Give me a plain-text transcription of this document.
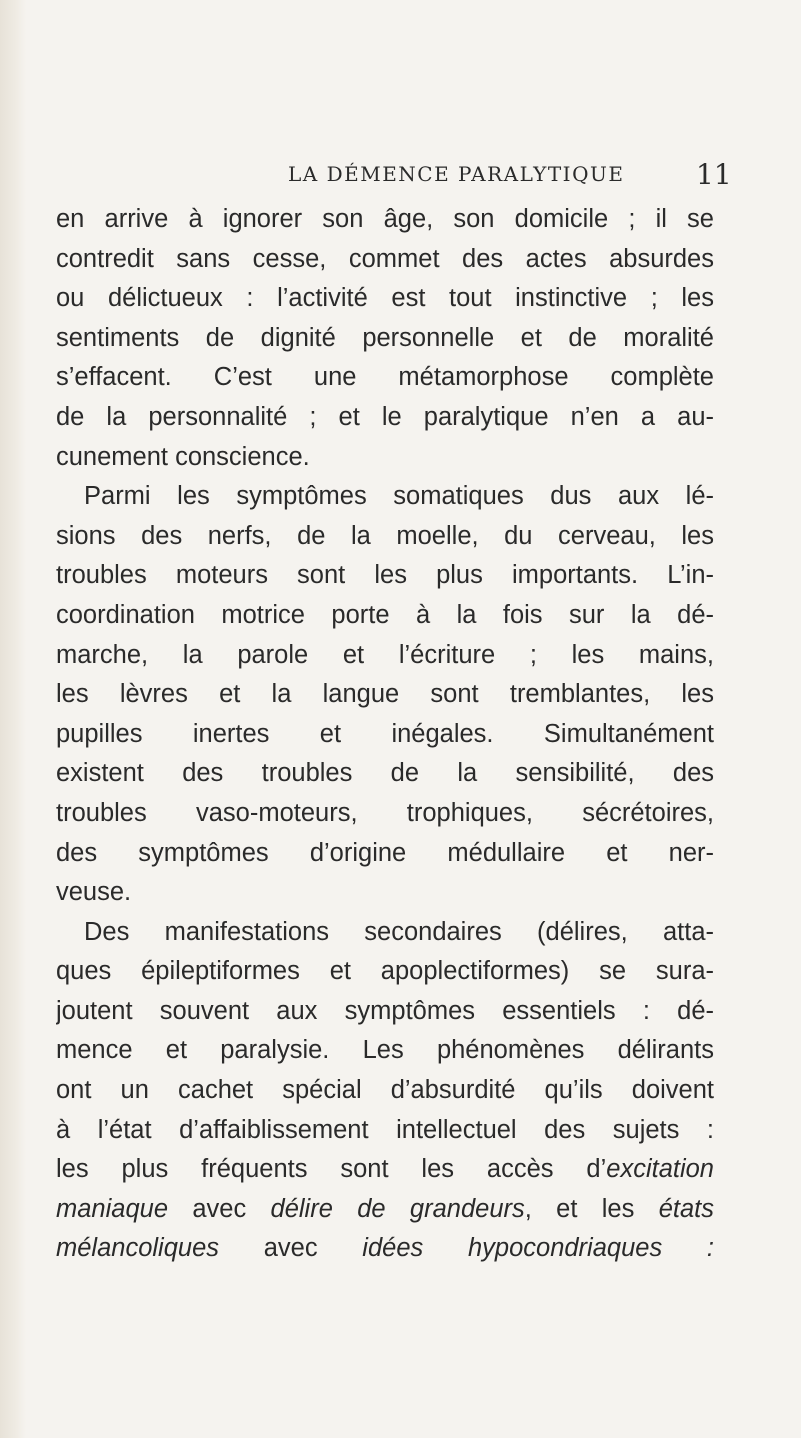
LA DÉMENCE PARALYTIQUE	11
en arrive à ignorer son âge, son domicile ; il se
contredit sans cesse, commet des actes absurdes
ou délictueux : l’activité est tout instinctive ; les
sentiments de dignité personnelle et de moralité
s’effacent. C’est une métamorphose complète
de la personnalité ; et le paralytique n’en a au-
cunement conscience.
Parmi les symptômes somatiques dus aux lé-
sions des nerfs, de la moelle, du cerveau, les
troubles moteurs sont les plus importants. L’in-
coordination motrice porte à la fois sur la dé-
marche, la parole et l’écriture ; les mains,
les lèvres et la langue sont tremblantes, les
pupilles inertes et inégales. Simultanément
existent des troubles de la sensibilité, des
troubles vaso-moteurs, trophiques, sécrétoires,
des symptômes d’origine médullaire et ner-
veuse.
Des manifestations secondaires (délires, atta-
ques épileptiformes et apoplectiformes) se sura-
joutent souvent aux symptômes essentiels : dé-
mence et paralysie. Les phénomènes délirants
ont un cachet spécial d’absurdité qu’ils doivent
à l’état d’affaiblissement intellectuel des sujets :
les plus fréquents sont les accès d’excitation
maniaque avec délire de grandeurs, et les états
mélancoliques avec idées hypocondriaques :
